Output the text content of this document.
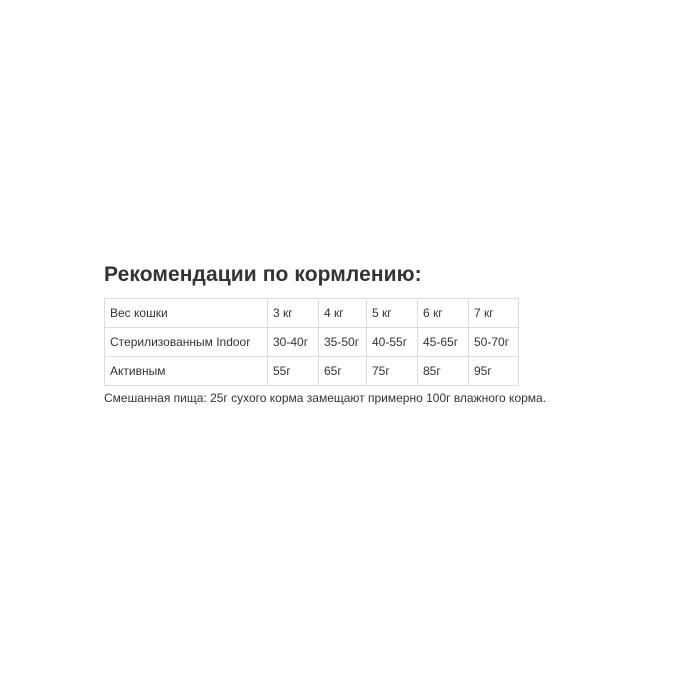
Рекомендации по кормлению:
Вес кошки	3 кг	4 кг	5 кг	6 кг	7 кг
Стерилизованным Indoor	30-40г	35-50г	40-55г	45-65г	50-70г
Активным	55г	65г	75г	85г	95г
Смешанная пища: 25г сухого корма замещают примерно 100г влажного корма.
